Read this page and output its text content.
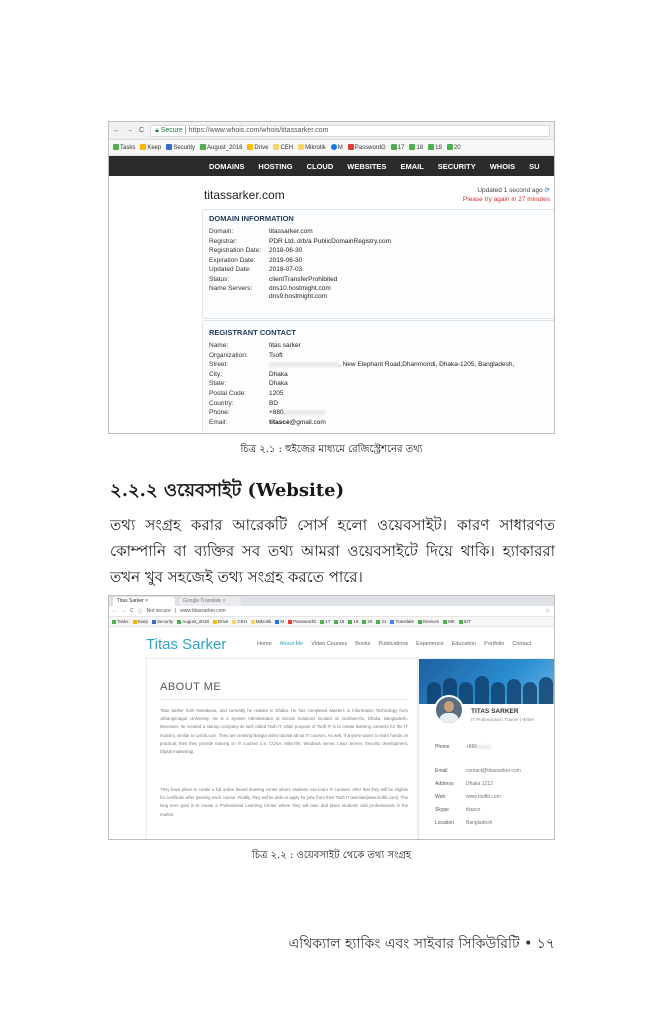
← → C	🔒︎ Secure | https://www.whois.com/whois/titassarker.com
Tasks	Keep	Security	August_2018	Drive	CEH	Mikrotik	M	PasswordG	17	18	19	20
DOMAINS HOSTING CLOUD WEBSITES EMAIL SECURITY WHOIS SU
titassarker.com	Updated 1 second ago ⟳
Please try again in 27 minutes
DOMAIN INFORMATION
Domain:	titassarker.com
Registrar:	PDR Ltd. d/b/a PublicDomainRegistry.com
Registration Date:	2018-06-30
Expiration Date:	2019-06-30
Updated Date:	2018-07-03
Status:	clientTransferProhibited
Name Servers:	dns10.hostmight.com
dns9.hostmight.com
REGISTRANT CONTACT
Name:	titas sarker
Organization:	Tsoft
Street:	, New Elephant Road,Dhanmondi, Dhaka-1205, Bangladesh,
City:	Dhaka
State:	Dhaka
Postal Code:	1205
Country:	BD
Phone:	+880.
Email:	titasce@gmail.com
চিত্র ২.১ : হুইজের মাধ্যমে রেজিস্ট্রেশনের তথ্য
২.২.২ ওয়েবসাইট (Website)
তথ্য সংগ্রহ করার আরেকটি সোর্স হলো ওয়েবসাইট। কারণ সাধারণত কোম্পানি বা ব্যক্তির সব তথ্য আমরা ওয়েবসাইটে দিয়ে থাকি। হ্যাকাররা তখন খুব সহজেই তথ্য সংগ্রহ করতে পারে।
Titas Sarker ×	Google Translate ×
← → C ⓘ Not secure | www.titassarker.com	☆
Tasks	Keep	Security	August_2018	Drive	CEH	Mikrotik	M	PasswordG	17	18	19	20	21	Translate	Devices	MK	IDT
Titas Sarker	Home About Me Video Courses Books Publications Experience Education Portfolio Contact
ABOUT ME
Titas Sarker from Netrakona, and currently he resides in Dhaka. He has completed Masters in Information Technology from Jahangirnagar University. He is a System Administrator at Enosis Solutions located on Gulshan-01, Dhaka, Bangladesh. Moreover, he created a startup company as well called Tsoft IT. Main purpose of Tsoft IT is to create learning contents for the IT industry, similar to Lynda.com. They are creating Bangla video tutorial about IT courses. As well, if anyone wants to learn hands on practical, then they provide training on IT courses (i.e. CCNA, MikroTik, Windows server, Linux Server, Security development, Digital marketing).
They have plans to create a full online based learning center where students can learn IT courses. After that they will be eligible for certificate after passing each course. Finally, they will be able to apply for jobs from their Tsoft IT website(www.tsoftit.com). The long term goal is to create a Professional Learning Center where they will train and place students and professionals in the market.
TITAS SARKER
IT Professional | Trainer | Writer
Phone	+880
Email	contact@titassarker.com
Address	Dhaka 1212
Web	www.tsoftit.com
Skype	titasce
Location Bangladesh
চিত্র ২.২ : ওয়েবসাইট থেকে তথ্য সংগ্রহ
এথিক্যাল হ্যাকিং এবং সাইবার সিকিউরিটি • ১৭
